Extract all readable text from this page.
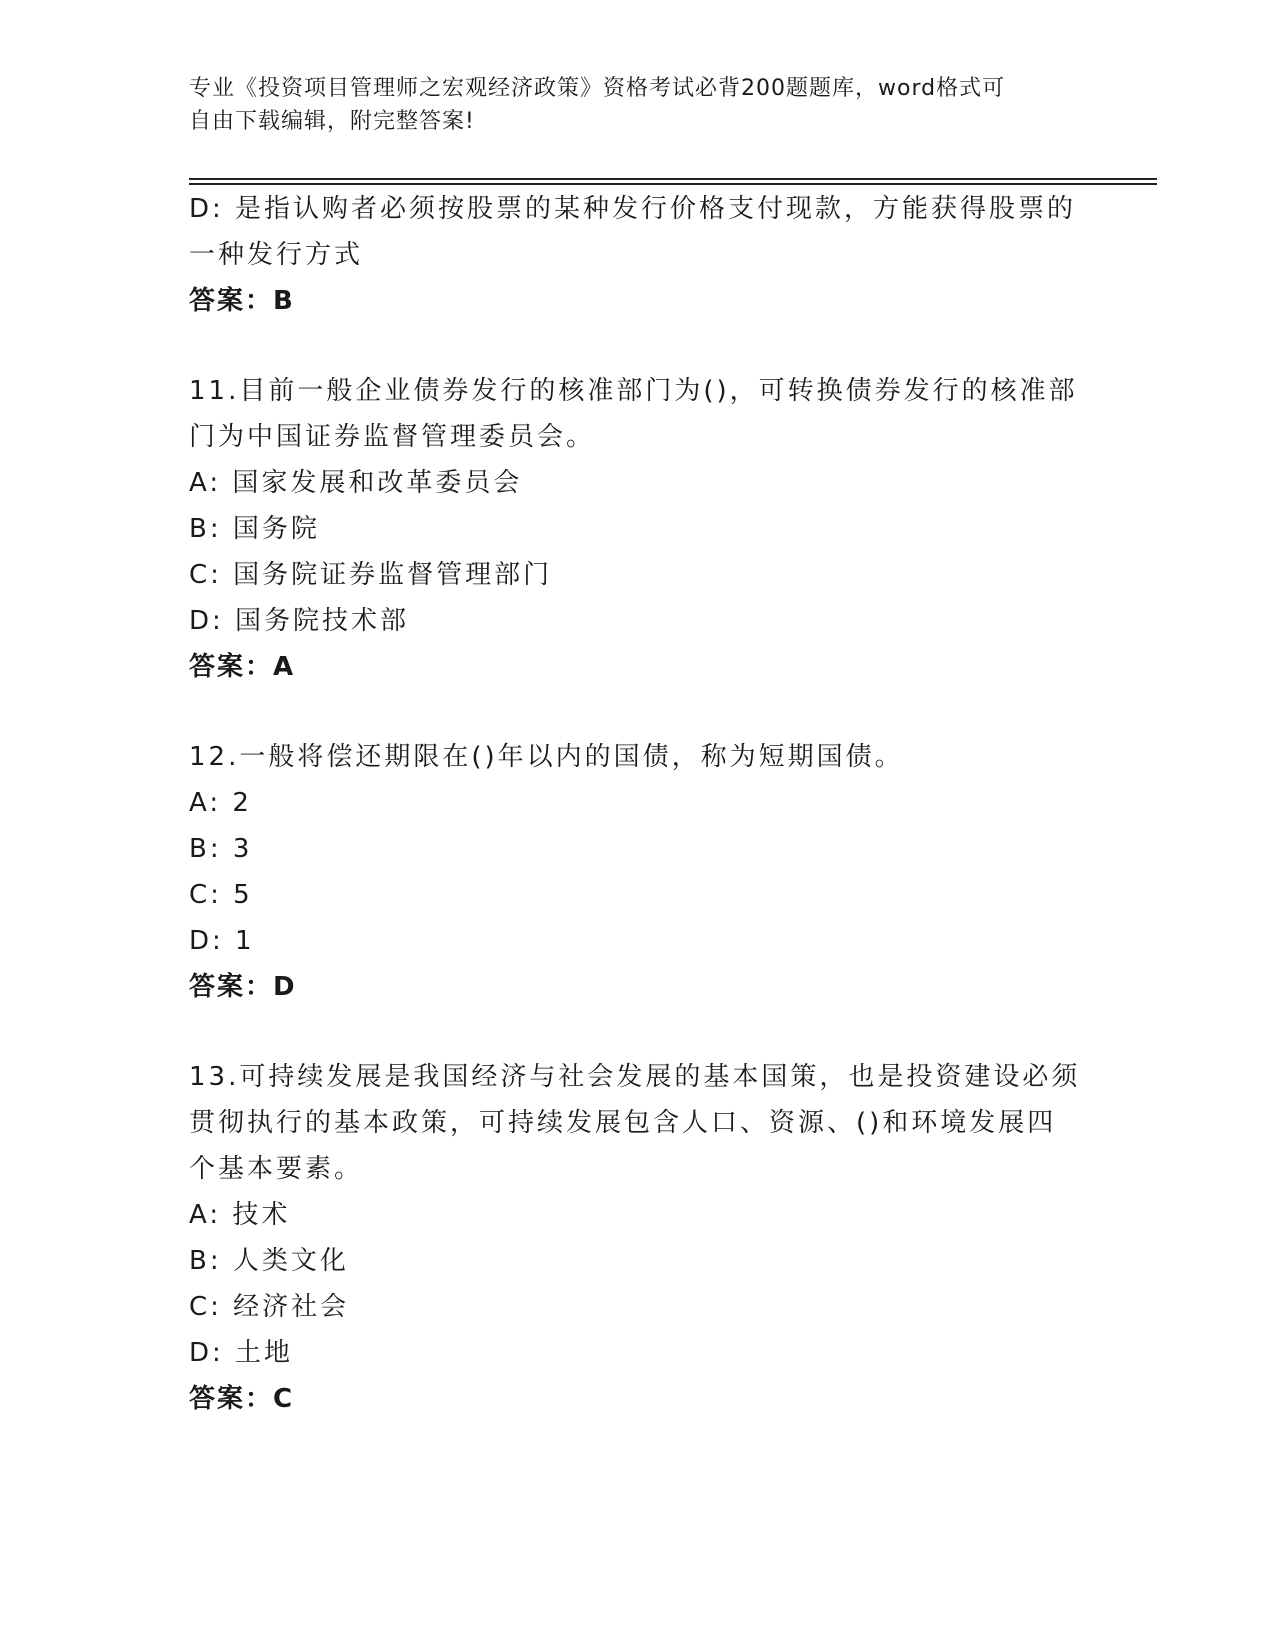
专业《投资项目管理师之宏观经济政策》资格考试必背200题题库，word格式可
自由下载编辑，附完整答案!
D: 是指认购者必须按股票的某种发行价格支付现款，方能获得股票的
一种发行方式
答案：B
11.目前一般企业债券发行的核准部门为()，可转换债券发行的核准部
门为中国证券监督管理委员会。
A: 国家发展和改革委员会
B: 国务院
C: 国务院证券监督管理部门
D: 国务院技术部
答案：A
12.一般将偿还期限在()年以内的国债，称为短期国债。
A: 2
B: 3
C: 5
D: 1
答案：D
13.可持续发展是我国经济与社会发展的基本国策，也是投资建设必须
贯彻执行的基本政策，可持续发展包含人口、资源、()和环境发展四
个基本要素。
A: 技术
B: 人类文化
C: 经济社会
D: 土地
答案：C
